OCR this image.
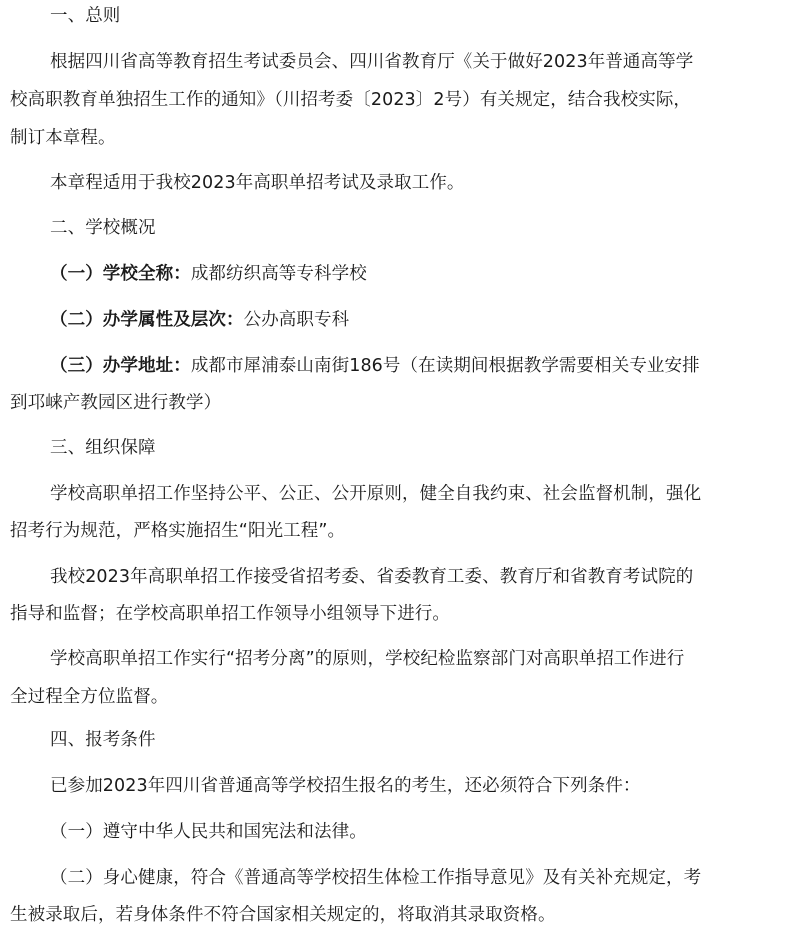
一、总则
根据四川省高等教育招生考试委员会、四川省教育厅《关于做好2023年普通高等学
校高职教育单独招生工作的通知》（川招考委〔2023〕2号）有关规定，结合我校实际，
制订本章程。
本章程适用于我校2023年高职单招考试及录取工作。
二、学校概况
（一）学校全称：成都纺织高等专科学校
（二）办学属性及层次：公办高职专科
（三）办学地址：成都市犀浦泰山南街186号（在读期间根据教学需要相关专业安排
到邛崃产教园区进行教学）
三、组织保障
学校高职单招工作坚持公平、公正、公开原则，健全自我约束、社会监督机制，强化
招考行为规范，严格实施招生“阳光工程”。
我校2023年高职单招工作接受省招考委、省委教育工委、教育厅和省教育考试院的
指导和监督；在学校高职单招工作领导小组领导下进行。
学校高职单招工作实行“招考分离”的原则，学校纪检监察部门对高职单招工作进行
全过程全方位监督。
四、报考条件
已参加2023年四川省普通高等学校招生报名的考生，还必须符合下列条件：
（一）遵守中华人民共和国宪法和法律。
（二）身心健康，符合《普通高等学校招生体检工作指导意见》及有关补充规定，考
生被录取后，若身体条件不符合国家相关规定的，将取消其录取资格。
